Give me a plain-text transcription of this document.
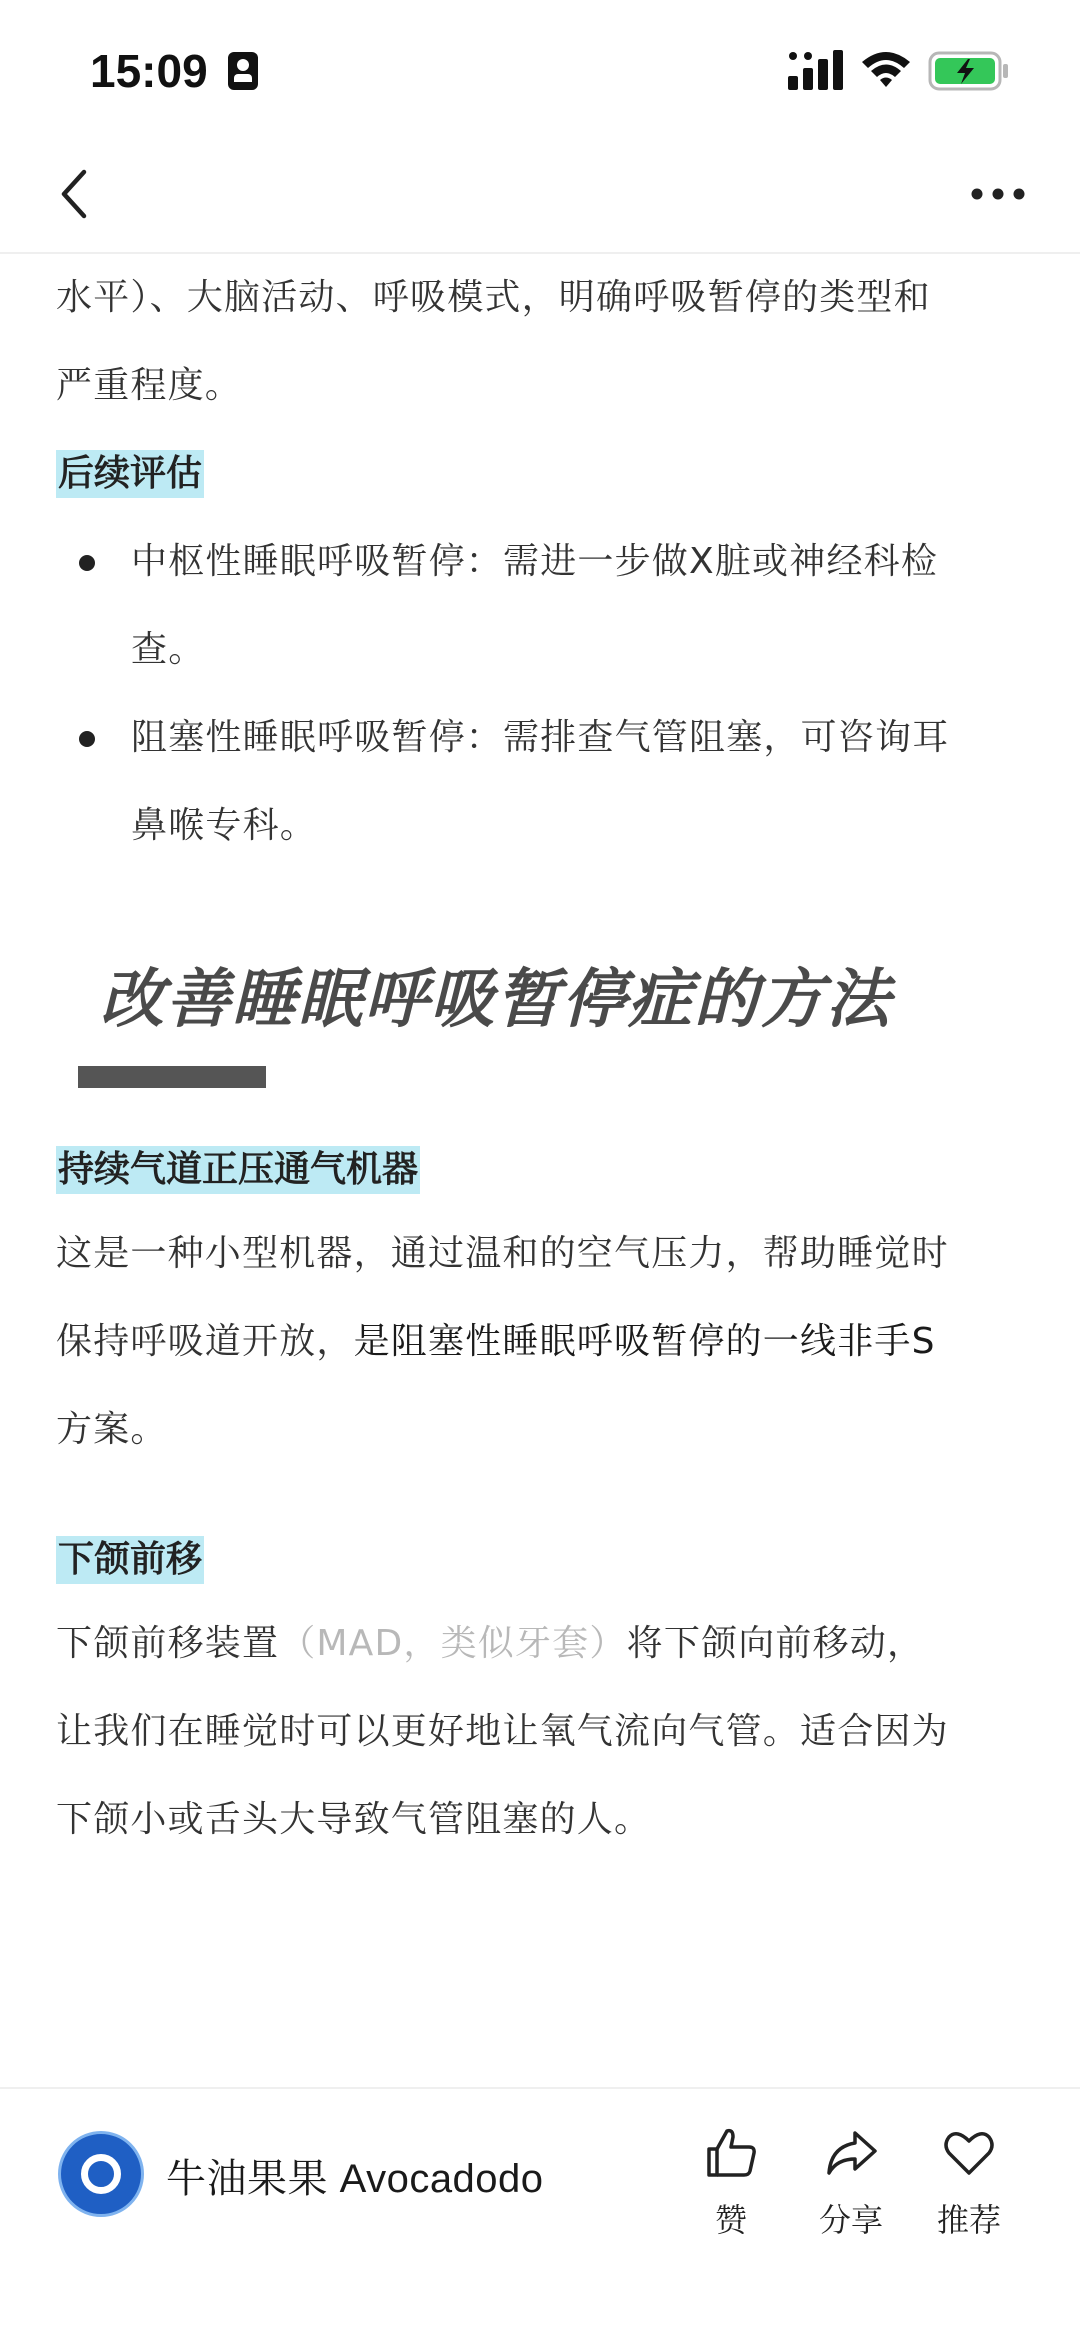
15:09

水平）、大脑活动、呼吸模式，明确呼吸暂停的类型和

严重程度。

后续评估
中枢性睡眠呼吸暂停：需进一步做X脏或神经科检
查。
阻塞性睡眠呼吸暂停：需排查气管阻塞，可咨询耳
鼻喉专科。
改善睡眠呼吸暂停症的方法
持续气道正压通气机器

这是一种小型机器，通过温和的空气压力，帮助睡觉时

保持呼吸道开放，是阻塞性睡眠呼吸暂停的一线非手S

方案。

下颌前移

下颌前移装置（MAD，类似牙套）将下颌向前移动，

让我们在睡觉时可以更好地让氧气流向气管。适合因为

下颌小或舌头大导致气管阻塞的人。

牛油果果 Avocadodo
赞	分享	推荐
